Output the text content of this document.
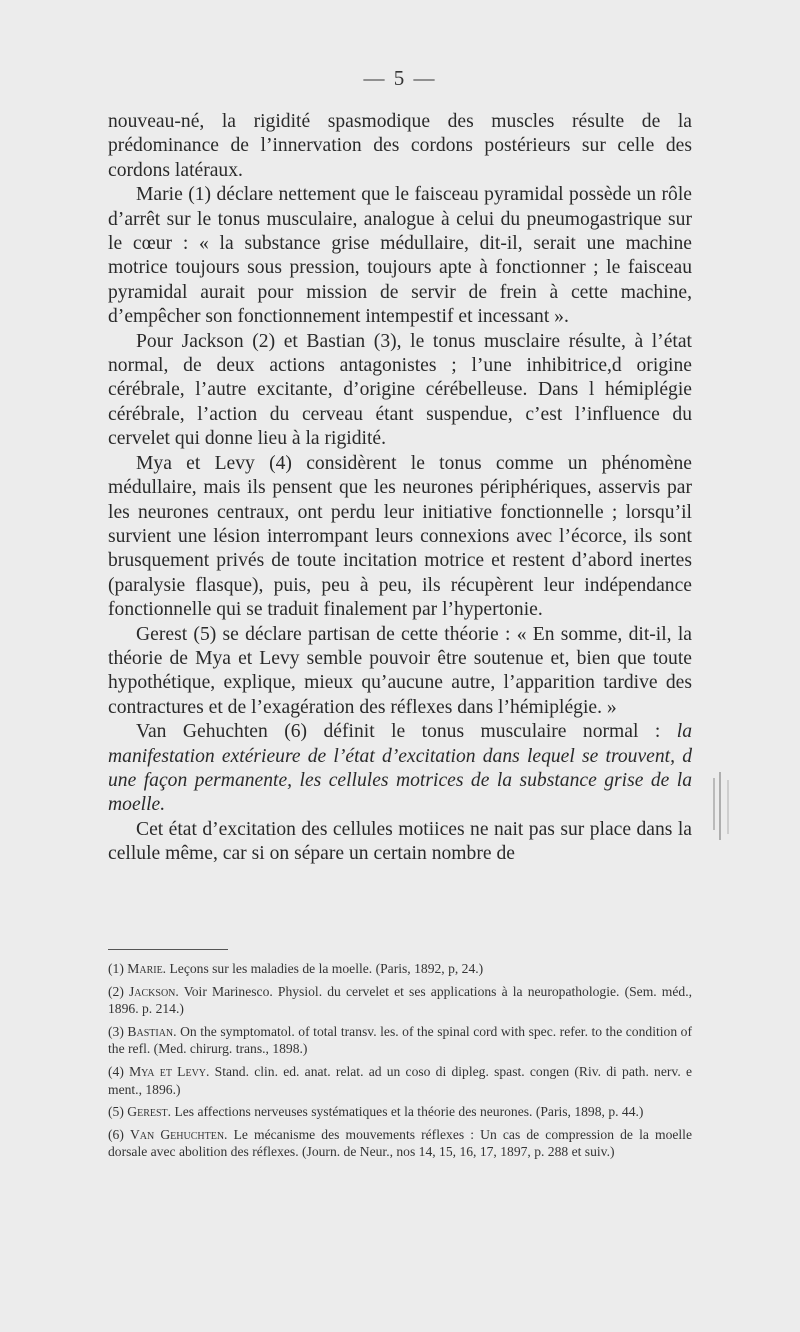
— 5 —

nouveau-né, la rigidité spasmodique des muscles résulte de la prédominance de l’innervation des cordons postérieurs sur celle des cordons latéraux.

Marie (1) déclare nettement que le faisceau pyramidal possède un rôle d’arrêt sur le tonus musculaire, analogue à celui du pneumogastrique sur le cœur : « la substance grise médullaire, dit-il, serait une machine motrice toujours sous pression, toujours apte à fonctionner ; le faisceau pyramidal aurait pour mission de servir de frein à cette machine, d’empêcher son fonctionnement intempestif et incessant ».

Pour Jackson (2) et Bastian (3), le tonus musclaire résulte, à l’état normal, de deux actions antagonistes ; l’une inhibitrice,d origine cérébrale, l’autre excitante, d’origine cérébelleuse. Dans l hémiplégie cérébrale, l’action du cerveau étant suspendue, c’est l’influence du cervelet qui donne lieu à la rigidité.

Mya et Levy (4) considèrent le tonus comme un phénomène médullaire, mais ils pensent que les neurones périphériques, asservis par les neurones centraux, ont perdu leur initiative fonctionnelle ; lorsqu’il survient une lésion interrompant leurs connexions avec l’écorce, ils sont brusquement privés de toute incitation motrice et restent d’abord inertes (paralysie flasque), puis, peu à peu, ils récupèrent leur indépendance fonctionnelle qui se traduit finalement par l’hypertonie.

Gerest (5) se déclare partisan de cette théorie : « En somme, dit-il, la théorie de Mya et Levy semble pouvoir être soutenue et, bien que toute hypothétique, explique, mieux qu’aucune autre, l’apparition tardive des contractures et de l’exagération des réflexes dans l’hémiplégie. »

Van Gehuchten (6) définit le tonus musculaire normal : la manifestation extérieure de l’état d’excitation dans lequel se trouvent, d une façon permanente, les cellules motrices de la substance grise de la moelle.

Cet état d’excitation des cellules motiices ne nait pas sur place dans la cellule même, car si on sépare un certain nombre de

(1) Marie. Leçons sur les maladies de la moelle. (Paris, 1892, p, 24.)

(2) Jackson. Voir Marinesco. Physiol. du cervelet et ses applications à la neuropathologie. (Sem. méd., 1896. p. 214.)

(3) Bastian. On the symptomatol. of total transv. les. of the spinal cord with spec. refer. to the condition of the refl. (Med. chirurg. trans., 1898.)

(4) Mya et Levy. Stand. clin. ed. anat. relat. ad un coso di dipleg. spast. congen (Riv. di path. nerv. e ment., 1896.)

(5) Gerest. Les affections nerveuses systématiques et la théorie des neurones. (Paris, 1898, p. 44.)

(6) Van Gehuchten. Le mécanisme des mouvements réflexes : Un cas de compression de la moelle dorsale avec abolition des réflexes. (Journ. de Neur., nos 14, 15, 16, 17, 1897, p. 288 et suiv.)
